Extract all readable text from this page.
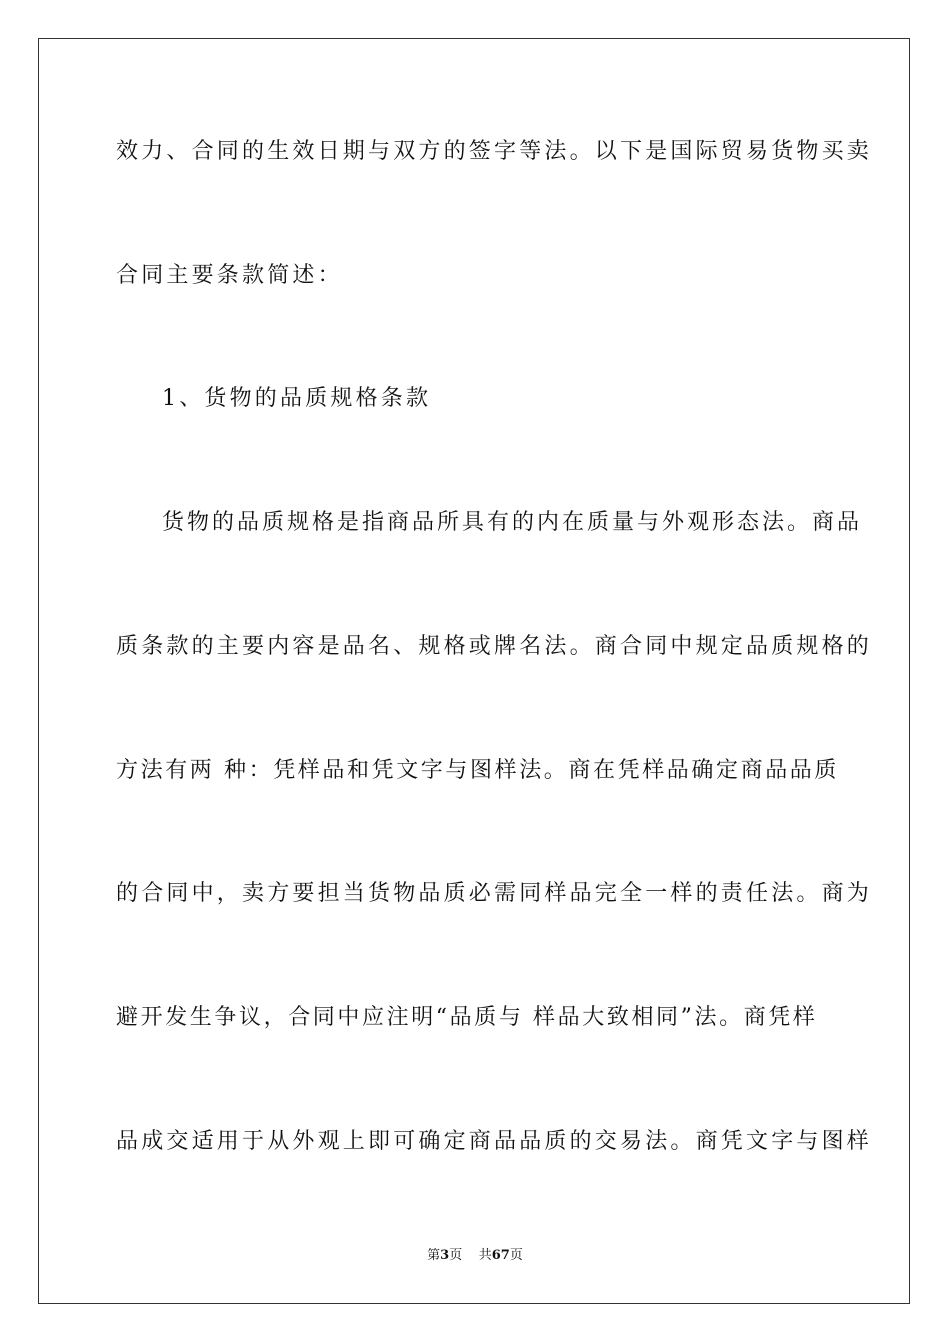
效力、合同的生效日期与双方的签字等法。以下是国际贸易货物买卖
合同主要条款简述：
1、货物的品质规格条款
货物的品质规格是指商品所具有的内在质量与外观形态法。商品
质条款的主要内容是品名、规格或牌名法。商合同中规定品质规格的
方法有两 种：凭样品和凭文字与图样法。商在凭样品确定商品品质
的合同中，卖方要担当货物品质必需同样品完全一样的责任法。商为
避开发生争议，合同中应注明“品质与 样品大致相同”法。商凭样
品成交适用于从外观上即可确定商品品质的交易法。商凭文字与图样
第3页 共67页
